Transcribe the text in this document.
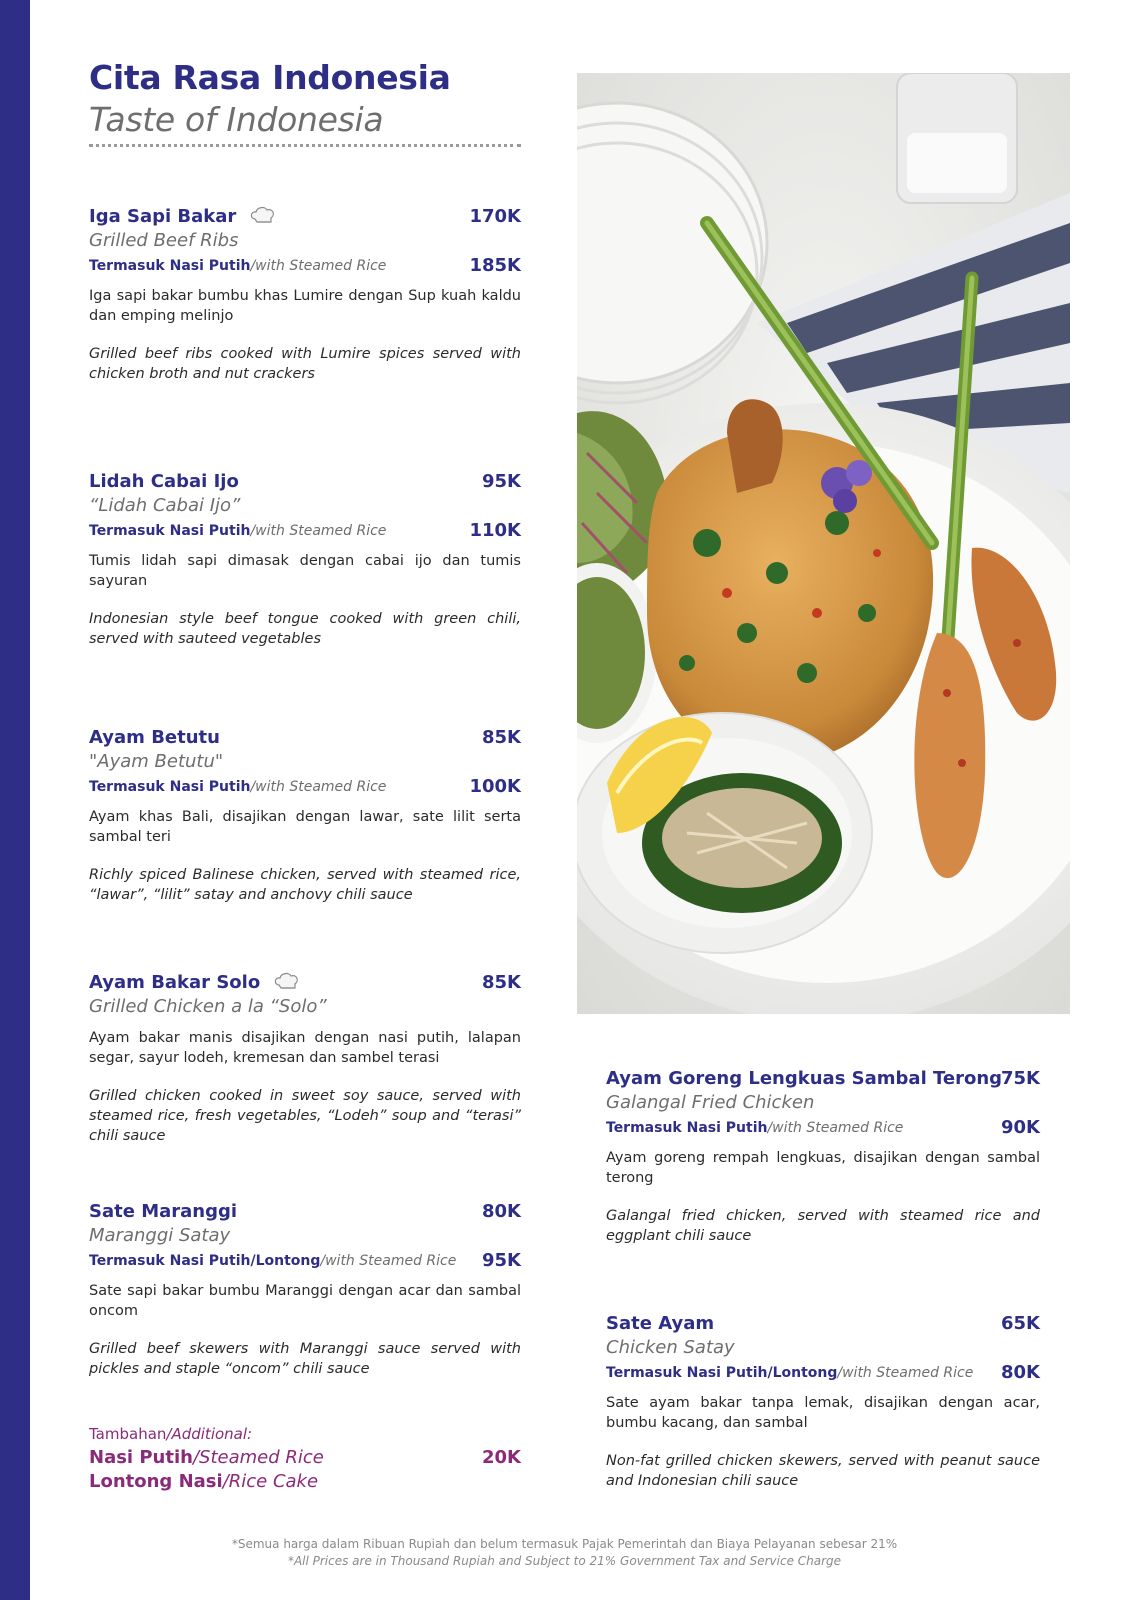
Cita Rasa Indonesia
Taste of Indonesia
Iga Sapi Bakar	170K
Grilled Beef Ribs
Termasuk Nasi Putih/with Steamed Rice	185K
Iga sapi bakar bumbu khas Lumire dengan Sup kuah kaldu dan emping melinjo
Grilled beef ribs cooked with Lumire spices served with chicken broth and nut crackers
Lidah Cabai Ijo	95K
“Lidah Cabai Ijo”
Termasuk Nasi Putih/with Steamed Rice	110K
Tumis lidah sapi dimasak dengan cabai ijo dan tumis sayuran
Indonesian style beef tongue cooked with green chili, served with sauteed vegetables
Ayam Betutu	85K
"Ayam Betutu"
Termasuk Nasi Putih/with Steamed Rice	100K
Ayam khas Bali, disajikan dengan lawar, sate lilit serta sambal teri
Richly spiced Balinese chicken, served with steamed rice, “lawar”, “lilit” satay and anchovy chili sauce
Ayam Bakar Solo	85K
Grilled Chicken a la “Solo”
Ayam bakar manis disajikan dengan nasi putih, lalapan segar, sayur lodeh, kremesan dan sambel terasi
Grilled chicken cooked in sweet soy sauce, served with steamed rice, fresh vegetables, “Lodeh” soup and “terasi” chili sauce
Sate Maranggi	80K
Maranggi Satay
Termasuk Nasi Putih/Lontong/with Steamed Rice 95K
Sate sapi bakar bumbu Maranggi dengan acar dan sambal oncom
Grilled beef skewers with Maranggi sauce served with pickles and staple “oncom” chili sauce
Tambahan/Additional:
Nasi Putih/Steamed Rice	20K
Lontong Nasi/Rice Cake
Ayam Goreng Lengkuas Sambal Terong
75K
Galangal Fried Chicken
Termasuk Nasi Putih/with Steamed Rice	90K
Ayam goreng rempah lengkuas, disajikan dengan sambal terong
Galangal fried chicken, served with steamed rice and eggplant chili sauce
Sate Ayam	65K
Chicken Satay
Termasuk Nasi Putih/Lontong/with Steamed Rice 80K
Sate ayam bakar tanpa lemak, disajikan dengan acar, bumbu kacang, dan sambal
Non-fat grilled chicken skewers, served with peanut sauce and Indonesian chili sauce
*Semua harga dalam Ribuan Rupiah dan belum termasuk Pajak Pemerintah dan Biaya Pelayanan sebesar 21%
*All Prices are in Thousand Rupiah and Subject to 21% Government Tax and Service Charge
